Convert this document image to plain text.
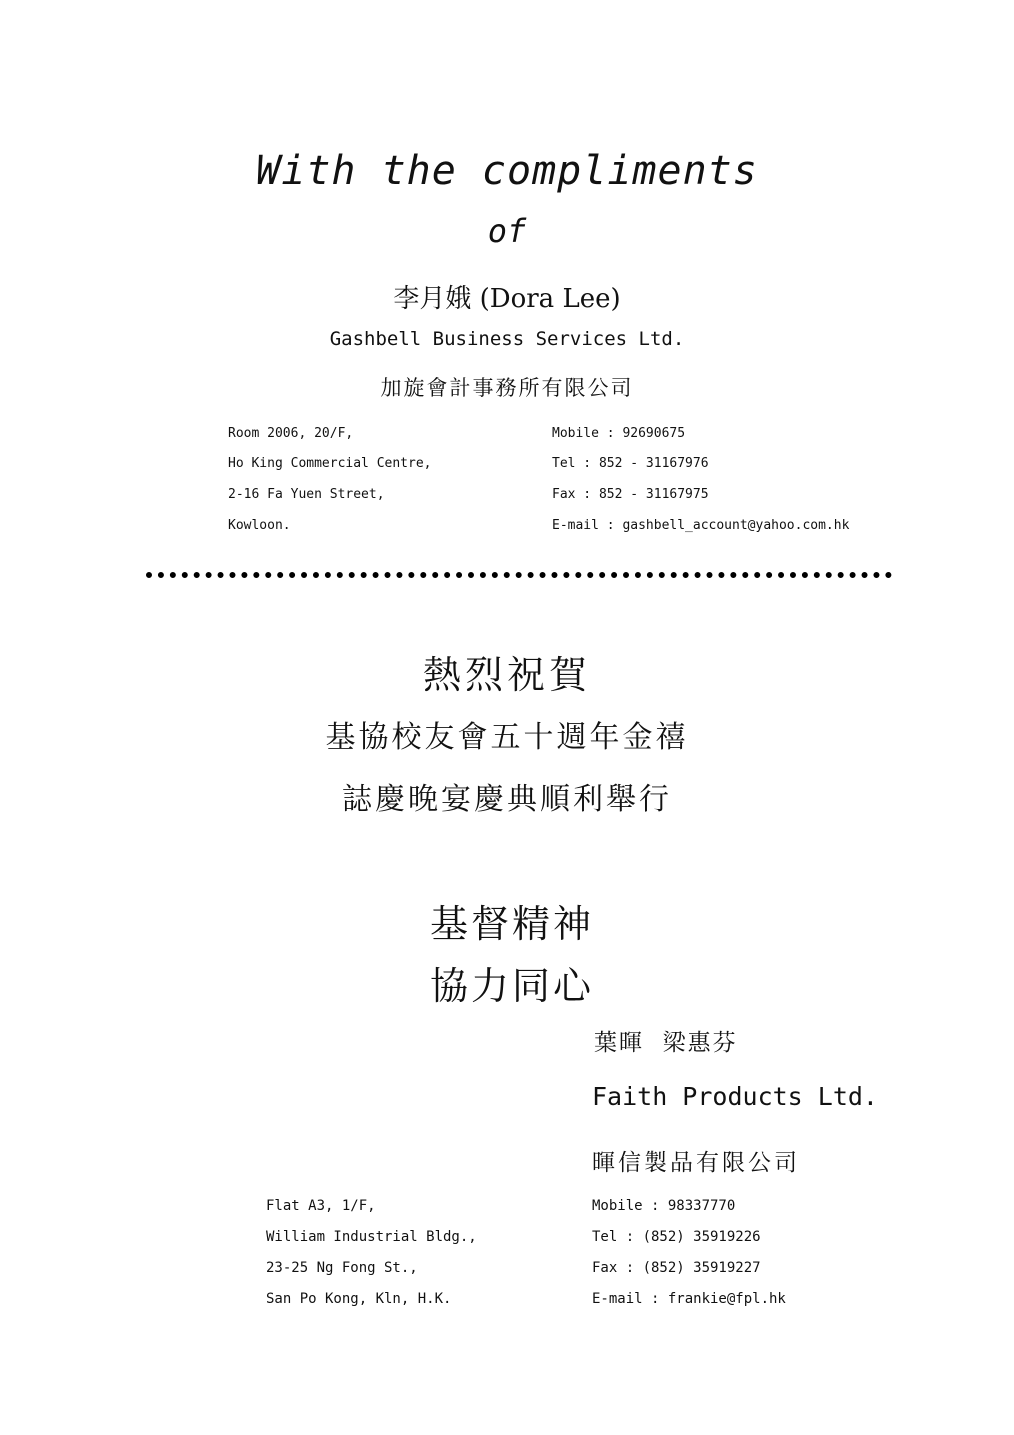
With the compliments
of
李月娥 (Dora Lee)
Gashbell Business Services Ltd.
加旋會計事務所有限公司
Room 2006, 20/F,
Ho King Commercial Centre,
2-16 Fa Yuen Street,
Kowloon.
Mobile : 92690675
Tel : 852 - 31167976
Fax : 852 - 31167975
E-mail : gashbell_account@yahoo.com.hk
熱烈祝賀
基協校友會五十週年金禧
誌慶晚宴慶典順利舉行
基督精神
協力同心
葉暉  梁惠芬
Faith Products Ltd.
暉信製品有限公司
Flat A3, 1/F,
William Industrial Bldg.,
23-25 Ng Fong St.,
San Po Kong, Kln, H.K.
Mobile : 98337770
Tel : (852) 35919226
Fax : (852) 35919227
E-mail : frankie@fpl.hk
